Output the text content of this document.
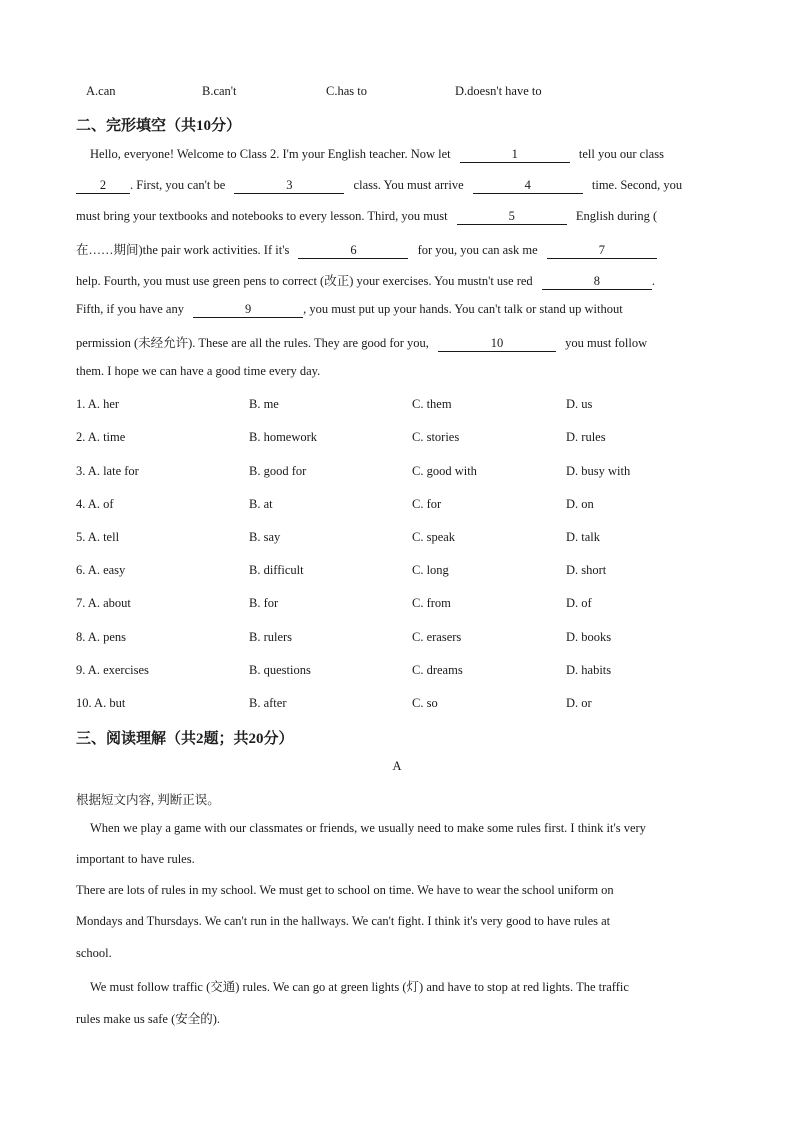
A.can	B.can't	C.has to	D.doesn't have to
二、完形填空（共10分）
Hello, everyone! Welcome to Class 2. I'm your English teacher. Now let	1	tell you our class
2 . First, you can't be	3	class. You must arrive	4	time. Second, you
must bring your textbooks and notebooks to every lesson. Third, you must	5	English during (
在……期间)the pair work activities. If it's	6	for you, you can ask me	7
help. Fourth, you must use green pens to correct (改正) your exercises. You mustn't use red	8	.
Fifth, if you have any	9	, you must put up your hands. You can't talk or stand up without
permission (未经允许). These are all the rules. They are good for you,	10	you must follow
them. I hope we can have a good time every day.
1. A. her	B. me	C. them	D. us
2. A. time	B. homework	C. stories	D. rules
3. A. late for	B. good for	C. good with	D. busy with
4. A. of	B. at	C. for	D. on
5. A. tell	B. say	C. speak	D. talk
6. A. easy	B. difficult	C. long	D. short
7. A. about	B. for	C. from	D. of
8. A. pens	B. rulers	C. erasers	D. books
9. A. exercises	B. questions	C. dreams	D. habits
10. A. but	B. after	C. so	D. or
三、阅读理解（共2题；共20分）
A
根据短文内容, 判断正误。
When we play a game with our classmates or friends, we usually need to make some rules first. I think it's very
important to have rules.
There are lots of rules in my school. We must get to school on time. We have to wear the school uniform on
Mondays and Thursdays. We can't run in the hallways. We can't fight. I think it's very good to have rules at
school.
We must follow traffic (交通) rules. We can go at green lights (灯) and have to stop at red lights. The traffic
rules make us safe (安全的).
